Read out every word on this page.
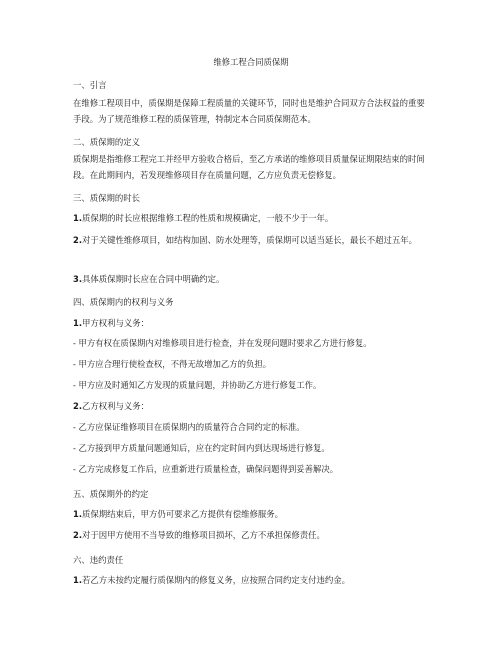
维修工程合同质保期
一、引言
在维修工程项目中，质保期是保障工程质量的关键环节，同时也是维护合同双方合法权益的重要手段。为了规范维修工程的质保管理，特制定本合同质保期范本。
二、质保期的定义
质保期是指维修工程完工并经甲方验收合格后，至乙方承诺的维修项目质量保证期限结束的时间段。在此期间内，若发现维修项目存在质量问题，乙方应负责无偿修复。
三、质保期的时长
1.质保期的时长应根据维修工程的性质和规模确定，一般不少于一年。
2.对于关键性维修项目，如结构加固、防水处理等，质保期可以适当延长，最长不超过五年。
3.具体质保期时长应在合同中明确约定。
四、质保期内的权利与义务
1.甲方权利与义务：
- 甲方有权在质保期内对维修项目进行检查，并在发现问题时要求乙方进行修复。
- 甲方应合理行使检查权，不得无故增加乙方的负担。
- 甲方应及时通知乙方发现的质量问题，并协助乙方进行修复工作。
2.乙方权利与义务：
- 乙方应保证维修项目在质保期内的质量符合合同约定的标准。
- 乙方接到甲方质量问题通知后，应在约定时间内到达现场进行修复。
- 乙方完成修复工作后，应重新进行质量检查，确保问题得到妥善解决。
五、质保期外的约定
1.质保期结束后，甲方仍可要求乙方提供有偿维修服务。
2.对于因甲方使用不当导致的维修项目损坏，乙方不承担保修责任。
六、违约责任
1.若乙方未按约定履行质保期内的修复义务，应按照合同约定支付违约金。
